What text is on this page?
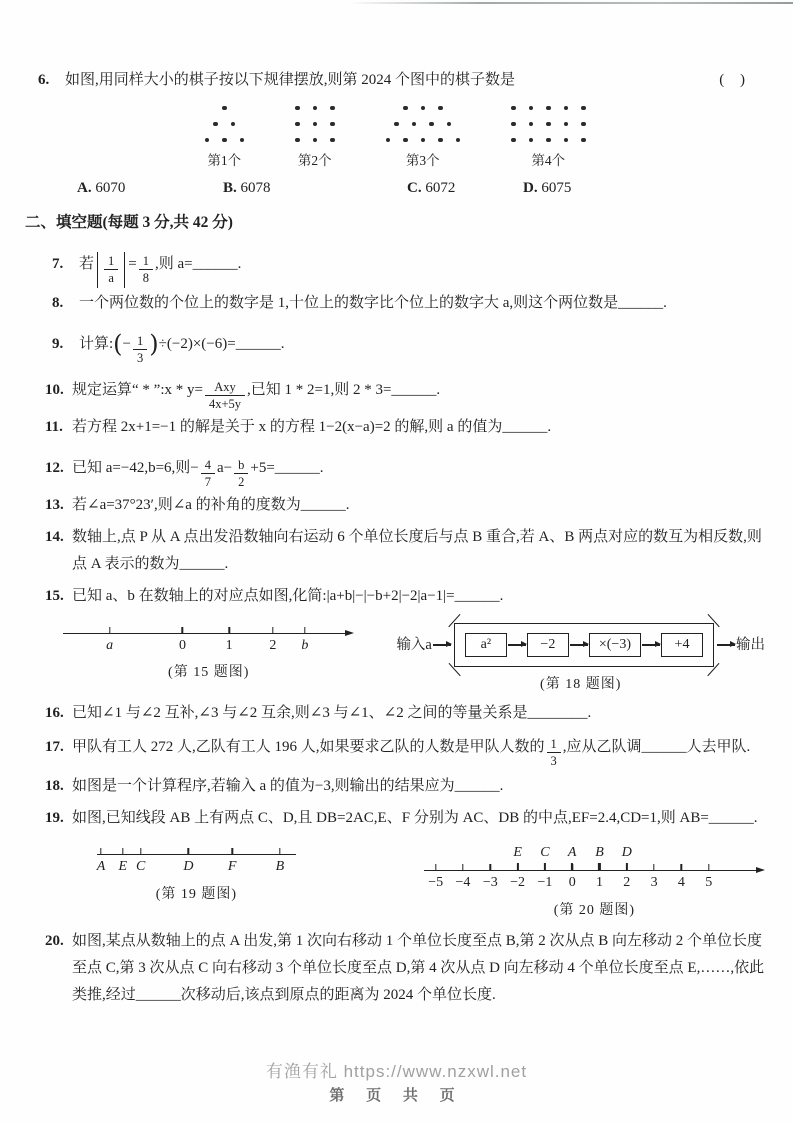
6. 如图,用同样大小的棋子按以下规律摆放,则第 2024 个图中的棋子数是	( )
第1个	第2个	第3个	第4个
A. 6070	B. 6078	C. 6072	D. 6075
二、填空题(每题 3 分,共 42 分)
7. 若 $\frac{1}{a} = \frac{1}{8}$ ,则 a=______.
8. 一个两位数的个位上的数字是 1,十位上的数字比个位上的数字大 a,则这个两位数是______.
9. 计算:(− $\frac{1}{3}$ )÷(−2)×(−6)=______.
10. 规定运算“ * ”:x * $y= \frac{\text{Axy}}{4x+5y}$ ,已知 1 * 2=1,则 2 * 3=______.
11. 若方程 2x+1=−1 的解是关于 x 的方程 1−2(x−a)=2 的解,则 a 的值为______.
12. 已知 a=−42,b=6,则− $\frac{4}{7} a- \frac{b}{2}$ +5=______.
13. 若∠a=37°23′,则∠a 的补角的度数为______.
14. 数轴上,点 P 从 A 点出发沿数轴向右运动 6 个单位长度后与点 B 重合,若 A、B 两点对应的数互为相反数,则点 A 表示的数为______.
15. 已知 a、b 在数轴上的对应点如图,化简:|a+b|−|−b+2|−2|a−1|=______.
a	0	1	2 b
(第 15 题图)
输入a	a²	−2	×(−3)	+4	输出
(第 18 题图)
16. 已知∠1 与∠2 互补,∠3 与∠2 互余,则∠3 与∠1、∠2 之间的等量关系是________.
17. 甲队有工人 272 人,乙队有工人 196 人,如果要求乙队的人数是甲队人数的 $\frac{1}{3}$ ,应从乙队调______人去甲队.
18. 如图是一个计算程序,若输入 a 的值为−3,则输出的结果应为______.
19. 如图,已知线段 AB 上有两点 C、D,且 DB=2AC,E、F 分别为 AC、DB 的中点,EF=2.4,CD=1,则 AB=______.
A E C	D F	B
(第 19 题图)
−5 −4 −3 −2 −1 0 1 2 3 4 5
E C A B D
(第 20 题图)
20. 如图,某点从数轴上的点 A 出发,第 1 次向右移动 1 个单位长度至点 B,第 2 次从点 B 向左移动 2 个单位长度至点 C,第 3 次从点 C 向右移动 3 个单位长度至点 D,第 4 次从点 D 向左移动 4 个单位长度至点 E,……,依此类推,经过______次移动后,该点到原点的距离为 2024 个单位长度.
有渔有礼 https://www.nzxwl.net
第 页 共 页
